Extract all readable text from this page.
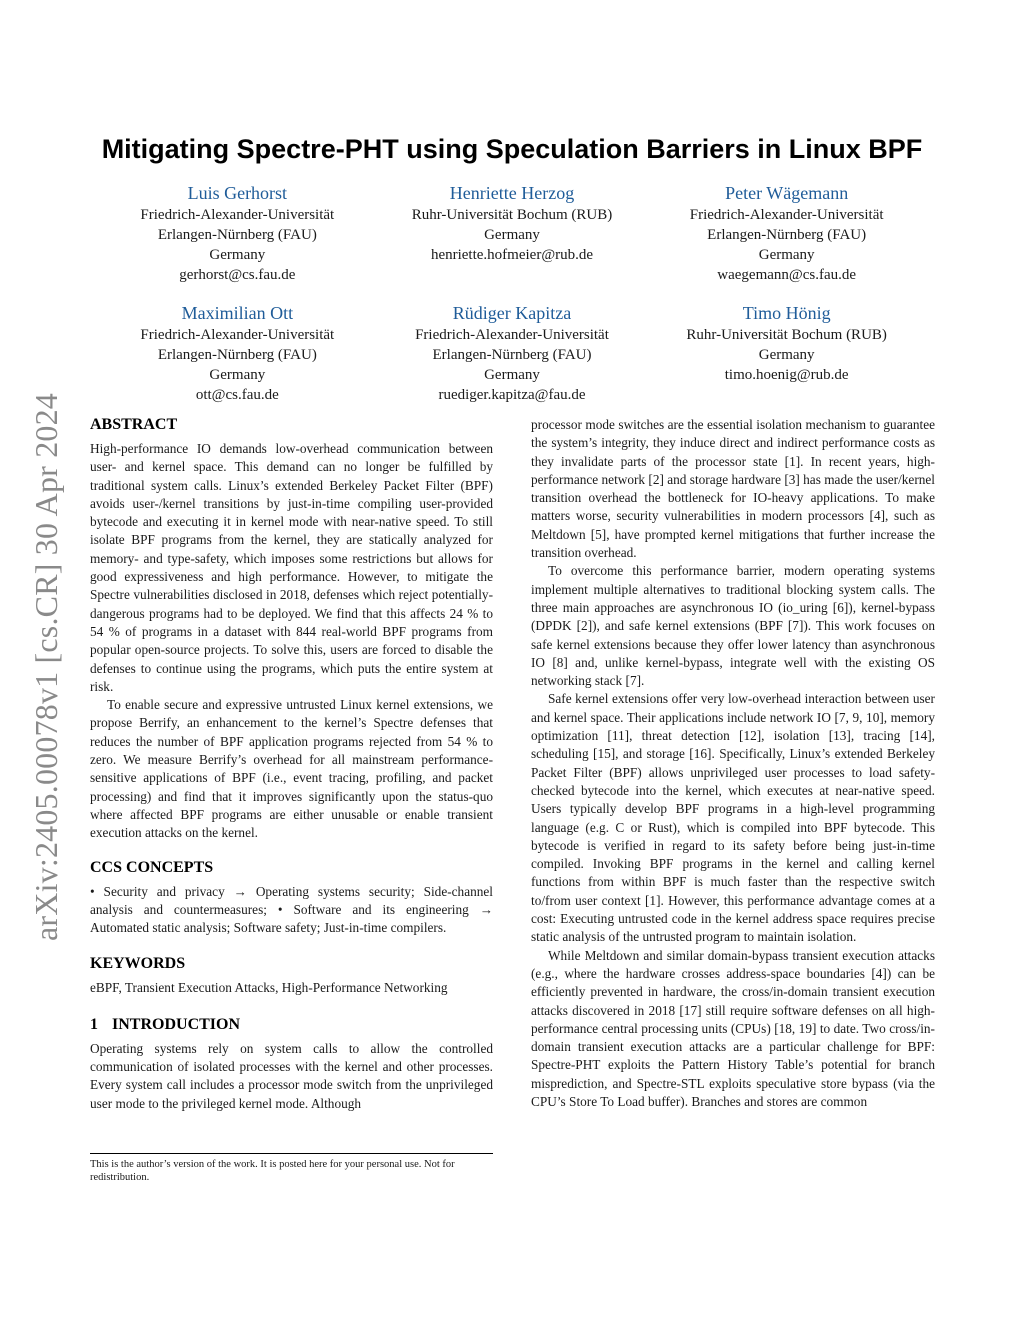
arXiv:2405.00078v1 [cs.CR] 30 Apr 2024
Mitigating Spectre-PHT using Speculation Barriers in Linux BPF
Luis Gerhorst
Friedrich-Alexander-Universität
Erlangen-Nürnberg (FAU)
Germany
gerhorst@cs.fau.de
Henriette Herzog
Ruhr-Universität Bochum (RUB)
Germany
henriette.hofmeier@rub.de
Peter Wägemann
Friedrich-Alexander-Universität
Erlangen-Nürnberg (FAU)
Germany
waegemann@cs.fau.de
Maximilian Ott
Friedrich-Alexander-Universität
Erlangen-Nürnberg (FAU)
Germany
ott@cs.fau.de
Rüdiger Kapitza
Friedrich-Alexander-Universität
Erlangen-Nürnberg (FAU)
Germany
ruediger.kapitza@fau.de
Timo Hönig
Ruhr-Universität Bochum (RUB)
Germany
timo.hoenig@rub.de
ABSTRACT

High-performance IO demands low-overhead communication between user- and kernel space. This demand can no longer be fulfilled by traditional system calls. Linux’s extended Berkeley Packet Filter (BPF) avoids user-/kernel transitions by just-in-time compiling user-provided bytecode and executing it in kernel mode with near-native speed. To still isolate BPF programs from the kernel, they are statically analyzed for memory- and type-safety, which imposes some restrictions but allows for good expressiveness and high performance. However, to mitigate the Spectre vulnerabilities disclosed in 2018, defenses which reject potentially-dangerous programs had to be deployed. We find that this affects 24 % to 54 % of programs in a dataset with 844 real-world BPF programs from popular open-source projects. To solve this, users are forced to disable the defenses to continue using the programs, which puts the entire system at risk.

To enable secure and expressive untrusted Linux kernel extensions, we propose Berrify, an enhancement to the kernel’s Spectre defenses that reduces the number of BPF application programs rejected from 54 % to zero. We measure Berrify’s overhead for all mainstream performance-sensitive applications of BPF (i.e., event tracing, profiling, and packet processing) and find that it improves significantly upon the status-quo where affected BPF programs are either unusable or enable transient execution attacks on the kernel.

CCS CONCEPTS

• Security and privacy → Operating systems security; Side-channel analysis and countermeasures; • Software and its engineering → Automated static analysis; Software safety; Just-in-time compilers.

KEYWORDS

eBPF, Transient Execution Attacks, High-Performance Networking

1 INTRODUCTION

Operating systems rely on system calls to allow the controlled communication of isolated processes with the kernel and other processes. Every system call includes a processor mode switch from the unprivileged user mode to the privileged kernel mode. Although

This is the author’s version of the work. It is posted here for your personal use. Not for redistribution.

processor mode switches are the essential isolation mechanism to guarantee the system’s integrity, they induce direct and indirect performance costs as they invalidate parts of the processor state [1]. In recent years, high-performance network [2] and storage hardware [3] has made the user/kernel transition overhead the bottleneck for IO-heavy applications. To make matters worse, security vulnerabilities in modern processors [4], such as Meltdown [5], have prompted kernel mitigations that further increase the transition overhead.

To overcome this performance barrier, modern operating systems implement multiple alternatives to traditional blocking system calls. The three main approaches are asynchronous IO (io_uring [6]), kernel-bypass (DPDK [2]), and safe kernel extensions (BPF [7]). This work focuses on safe kernel extensions because they offer lower latency than asynchronous IO [8] and, unlike kernel-bypass, integrate well with the existing OS networking stack [7].

Safe kernel extensions offer very low-overhead interaction between user and kernel space. Their applications include network IO [7, 9, 10], memory optimization [11], threat detection [12], isolation [13], tracing [14], scheduling [15], and storage [16]. Specifically, Linux’s extended Berkeley Packet Filter (BPF) allows unprivileged user processes to load safety-checked bytecode into the kernel, which executes at near-native speed. Users typically develop BPF programs in a high-level programming language (e.g. C or Rust), which is compiled into BPF bytecode. This bytecode is verified in regard to its safety before being just-in-time compiled. Invoking BPF programs in the kernel and calling kernel functions from within BPF is much faster than the respective switch to/from user context [1]. However, this performance advantage comes at a cost: Executing untrusted code in the kernel address space requires precise static analysis of the untrusted program to maintain isolation.

While Meltdown and similar domain-bypass transient execution attacks (e.g., where the hardware crosses address-space boundaries [4]) can be efficiently prevented in hardware, the cross/in-domain transient execution attacks discovered in 2018 [17] still require software defenses on all high-performance central processing units (CPUs) [18, 19] to date. Two cross/in-domain transient execution attacks are a particular challenge for BPF: Spectre-PHT exploits the Pattern History Table’s potential for branch misprediction, and Spectre-STL exploits speculative store bypass (via the CPU’s Store To Load buffer). Branches and stores are common
